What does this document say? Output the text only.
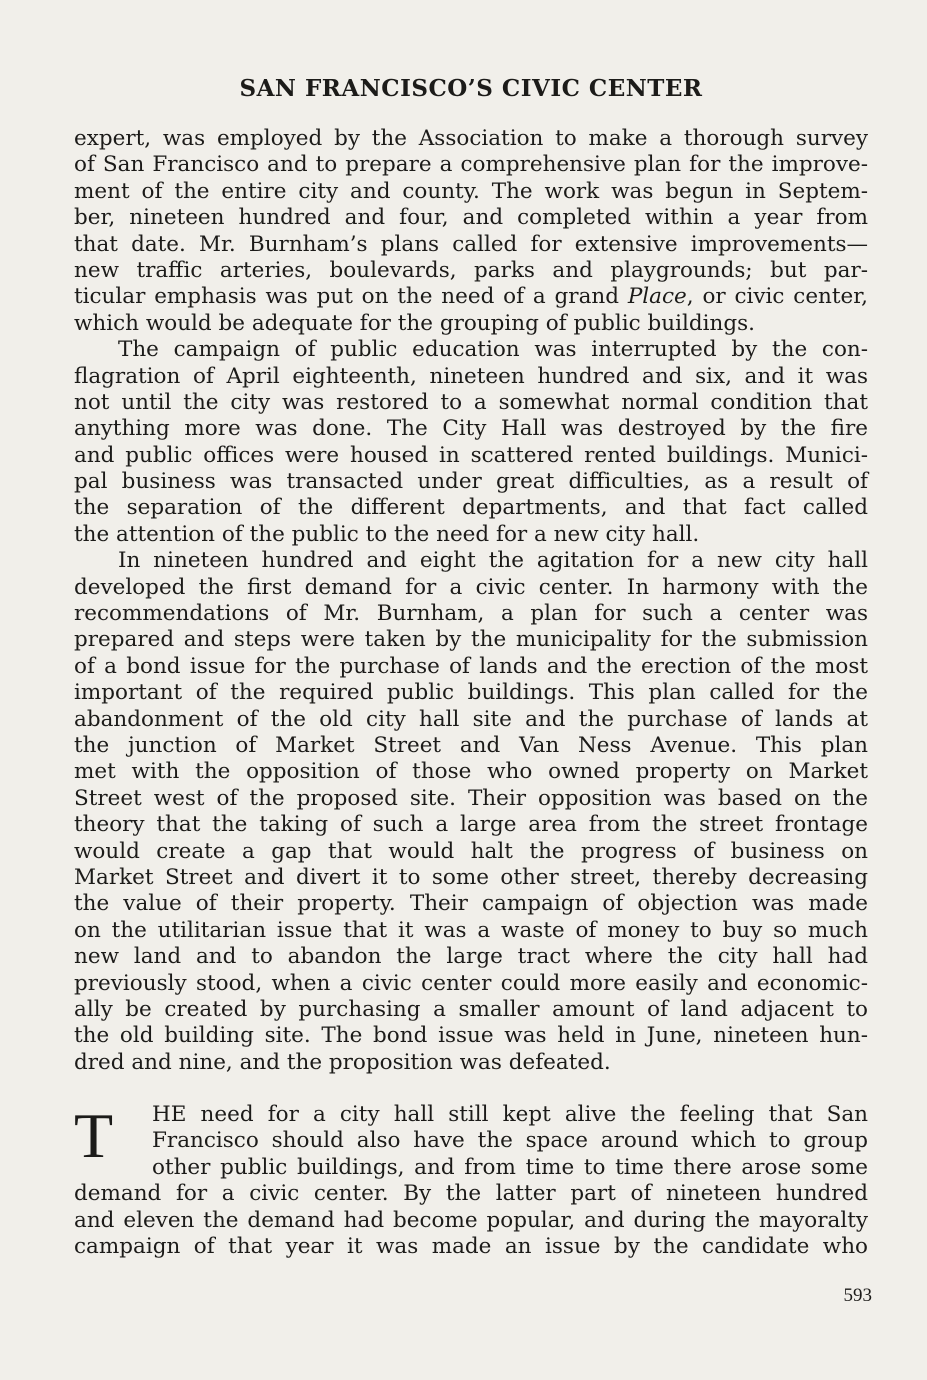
SAN FRANCISCO’S CIVIC CENTER
expert, was employed by the Association to make a thorough survey
of San Francisco and to prepare a comprehensive plan for the improve-
ment of the entire city and county. The work was begun in Septem-
ber, nineteen hundred and four, and completed within a year from
that date. Mr. Burnham’s plans called for extensive improvements—
new traffic arteries, boulevards, parks and playgrounds; but par-
ticular emphasis was put on the need of a grand Place, or civic center,
which would be adequate for the grouping of public buildings.
The campaign of public education was interrupted by the con-
flagration of April eighteenth, nineteen hundred and six, and it was
not until the city was restored to a somewhat normal condition that
anything more was done. The City Hall was destroyed by the fire
and public offices were housed in scattered rented buildings. Munici-
pal business was transacted under great difficulties, as a result of
the separation of the different departments, and that fact called
the attention of the public to the need for a new city hall.
In nineteen hundred and eight the agitation for a new city hall
developed the first demand for a civic center. In harmony with the
recommendations of Mr. Burnham, a plan for such a center was
prepared and steps were taken by the municipality for the submission
of a bond issue for the purchase of lands and the erection of the most
important of the required public buildings. This plan called for the
abandonment of the old city hall site and the purchase of lands at
the junction of Market Street and Van Ness Avenue. This plan
met with the opposition of those who owned property on Market
Street west of the proposed site. Their opposition was based on the
theory that the taking of such a large area from the street frontage
would create a gap that would halt the progress of business on
Market Street and divert it to some other street, thereby decreasing
the value of their property. Their campaign of objection was made
on the utilitarian issue that it was a waste of money to buy so much
new land and to abandon the large tract where the city hall had
previously stood, when a civic center could more easily and economic-
ally be created by purchasing a smaller amount of land adjacent to
the old building site. The bond issue was held in June, nineteen hun-
dred and nine, and the proposition was defeated.
T	HE need for a city hall still kept alive the feeling that San
Francisco should also have the space around which to group
other public buildings, and from time to time there arose some
demand for a civic center. By the latter part of nineteen hundred
and eleven the demand had become popular, and during the mayoralty
campaign of that year it was made an issue by the candidate who
593
